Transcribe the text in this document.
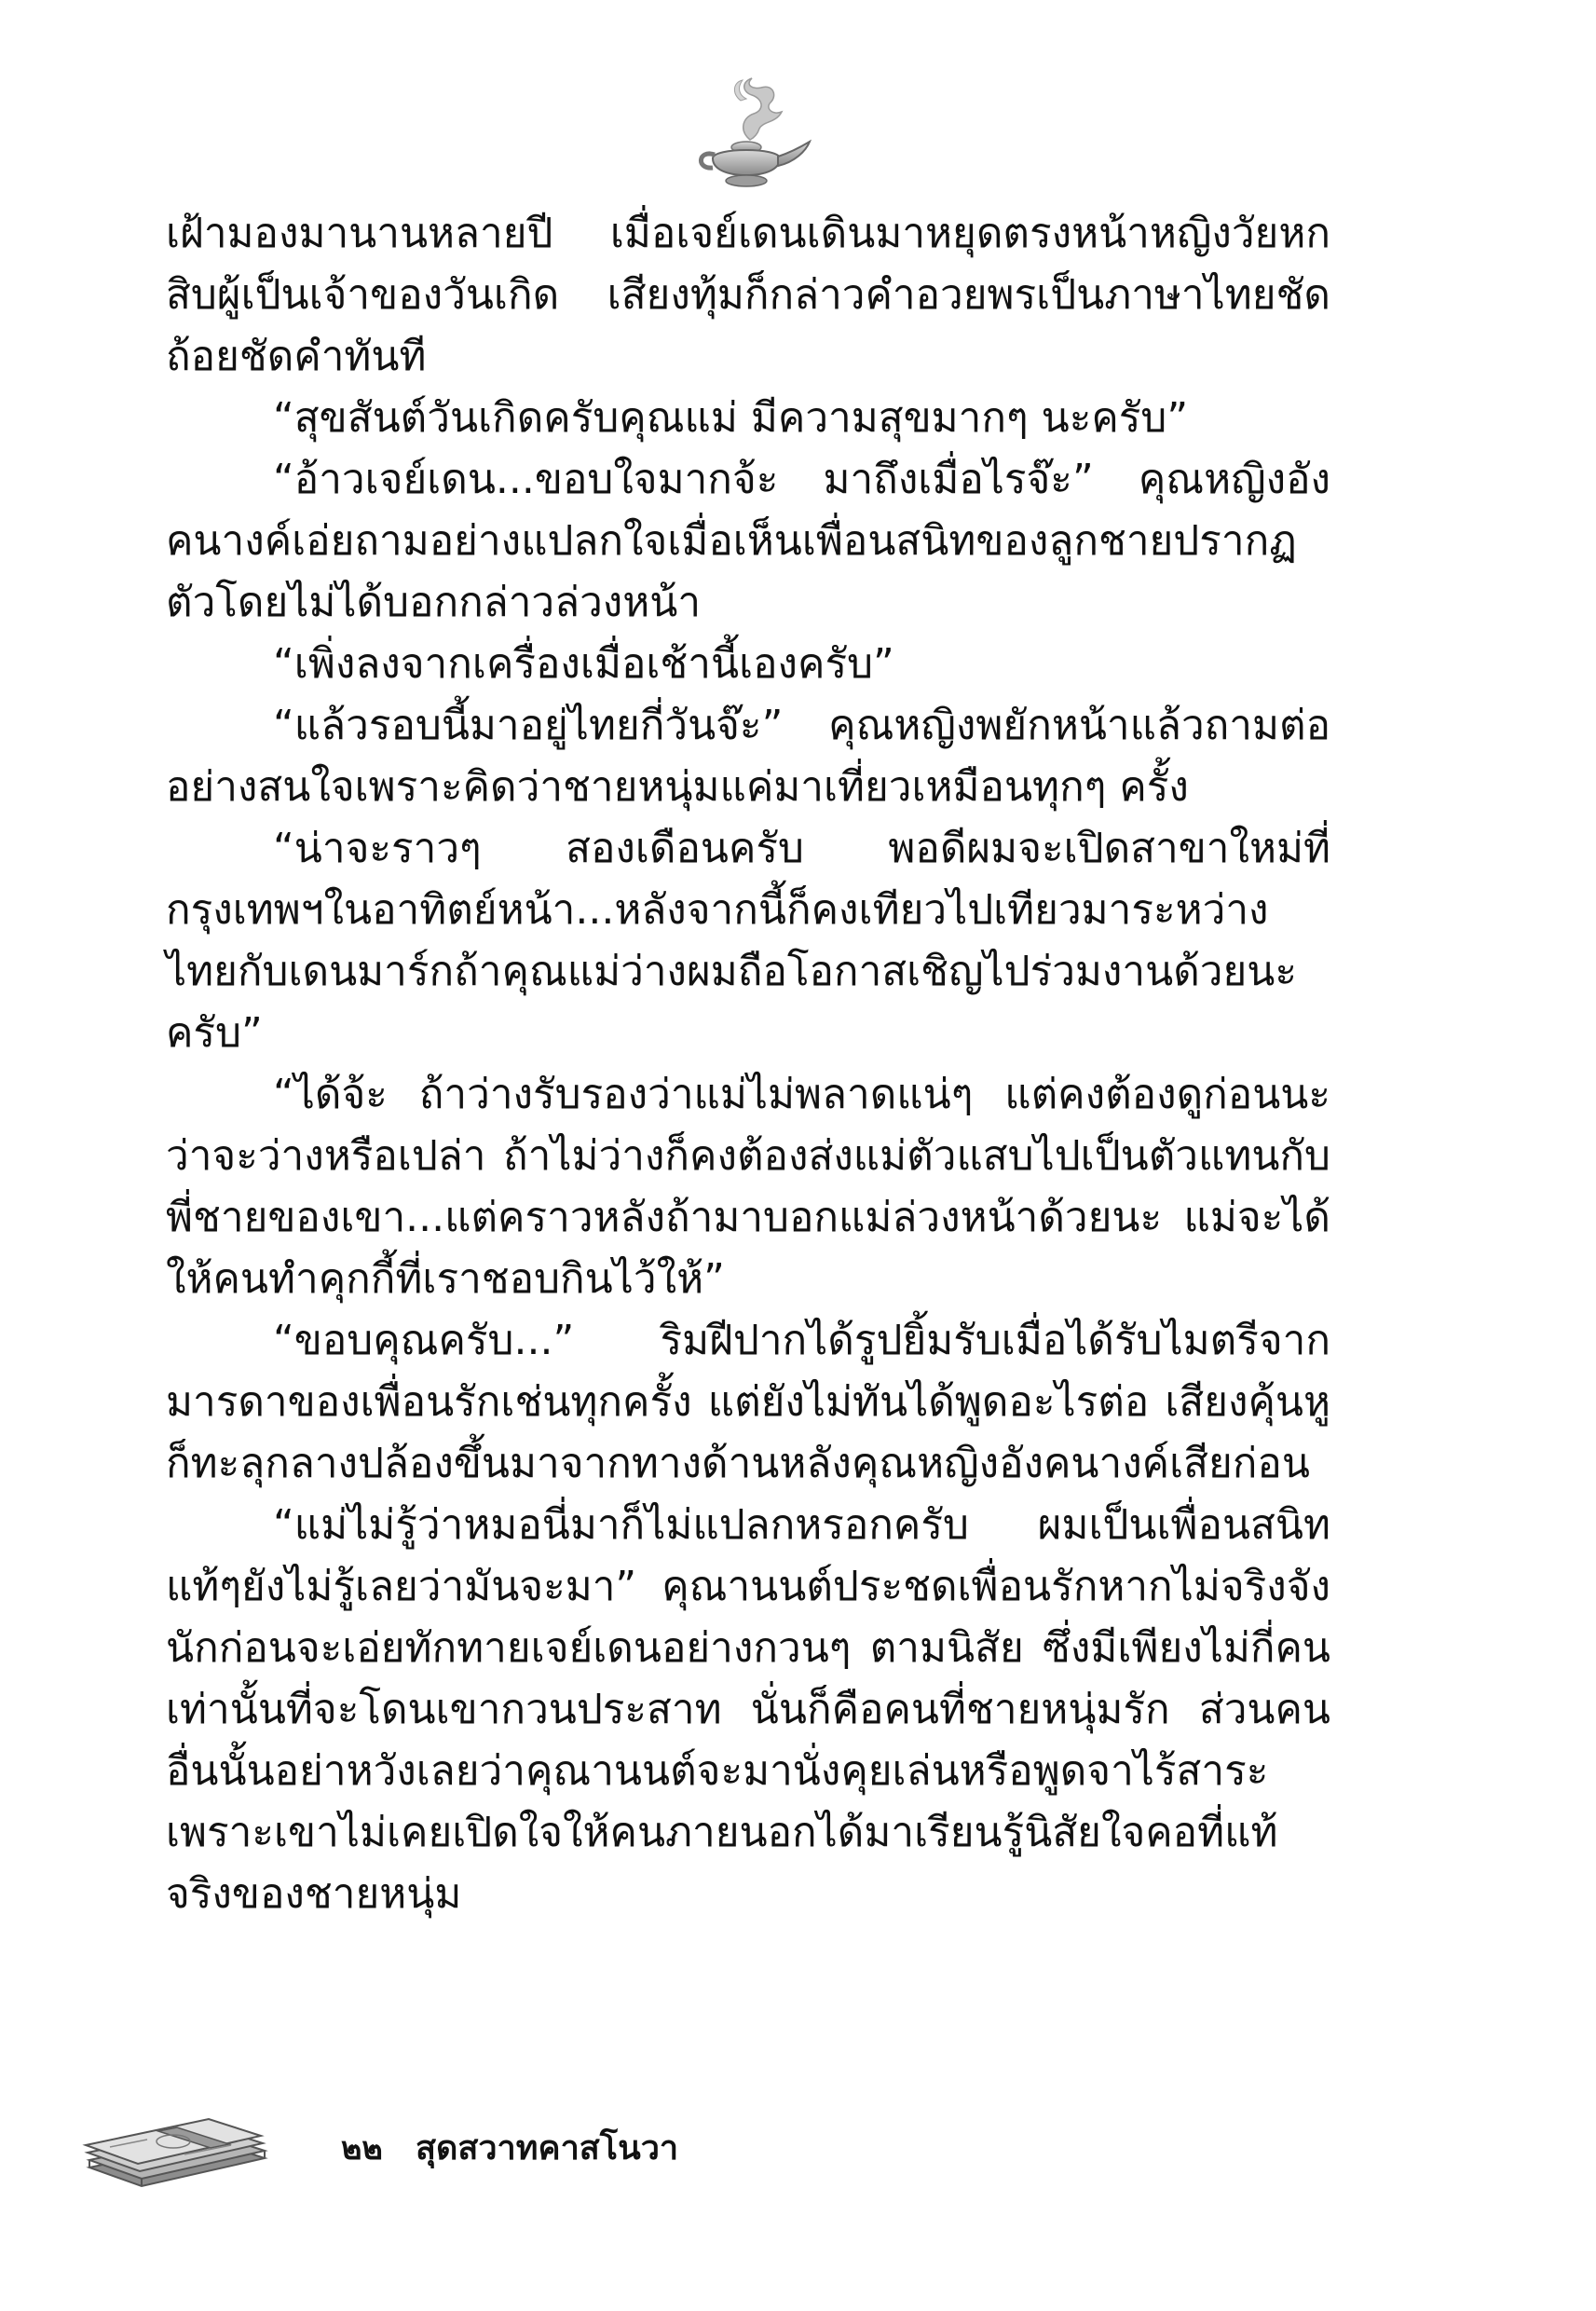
เฝ้ามองมานานหลายปี เมื่อเจย์เดนเดินมาหยุดตรงหน้าหญิงวัยหกสิบผู้เป็นเจ้าของวันเกิด เสียงทุ้มก็กล่าวคำอวยพรเป็นภาษาไทยชัดถ้อยชัดคำทันที

“สุขสันต์วันเกิดครับคุณแม่ มีความสุขมากๆ นะครับ”

“อ้าวเจย์เดน...ขอบใจมากจ้ะ มาถึงเมื่อไรจ๊ะ” คุณหญิงอังคนางค์เอ่ยถามอย่างแปลกใจเมื่อเห็นเพื่อนสนิทของลูกชายปรากฏตัวโดยไม่ได้บอกกล่าวล่วงหน้า

“เพิ่งลงจากเครื่องเมื่อเช้านี้เองครับ”

“แล้วรอบนี้มาอยู่ไทยกี่วันจ๊ะ” คุณหญิงพยักหน้าแล้วถามต่ออย่างสนใจเพราะคิดว่าชายหนุ่มแค่มาเที่ยวเหมือนทุกๆ ครั้ง

“น่าจะราวๆ สองเดือนครับ พอดีผมจะเปิดสาขาใหม่ที่กรุงเทพฯในอาทิตย์หน้า...หลังจากนี้ก็คงเทียวไปเทียวมาระหว่างไทยกับเดนมาร์กถ้าคุณแม่ว่างผมถือโอกาสเชิญไปร่วมงานด้วยนะครับ”

“ได้จ้ะ ถ้าว่างรับรองว่าแม่ไม่พลาดแน่ๆ แต่คงต้องดูก่อนนะว่าจะว่างหรือเปล่า ถ้าไม่ว่างก็คงต้องส่งแม่ตัวแสบไปเป็นตัวแทนกับพี่ชายของเขา...แต่คราวหลังถ้ามาบอกแม่ล่วงหน้าด้วยนะ แม่จะได้ให้คนทำคุกกี้ที่เราชอบกินไว้ให้”

“ขอบคุณครับ...” ริมฝีปากได้รูปยิ้มรับเมื่อได้รับไมตรีจากมารดาของเพื่อนรักเช่นทุกครั้ง แต่ยังไม่ทันได้พูดอะไรต่อ เสียงคุ้นหูก็ทะลุกลางปล้องขึ้นมาจากทางด้านหลังคุณหญิงอังคนางค์เสียก่อน

“แม่ไม่รู้ว่าหมอนี่มาก็ไม่แปลกหรอกครับ ผมเป็นเพื่อนสนิทแท้ๆยังไม่รู้เลยว่ามันจะมา” คุณานนต์ประชดเพื่อนรักหากไม่จริงจังนักก่อนจะเอ่ยทักทายเจย์เดนอย่างกวนๆ ตามนิสัย ซึ่งมีเพียงไม่กี่คนเท่านั้นที่จะโดนเขากวนประสาท นั่นก็คือคนที่ชายหนุ่มรัก ส่วนคนอื่นนั้นอย่าหวังเลยว่าคุณานนต์จะมานั่งคุยเล่นหรือพูดจาไร้สาระ เพราะเขาไม่เคยเปิดใจให้คนภายนอกได้มาเรียนรู้นิสัยใจคอที่แท้จริงของชายหนุ่ม

๒๒ สุดสวาทคาสโนวา
